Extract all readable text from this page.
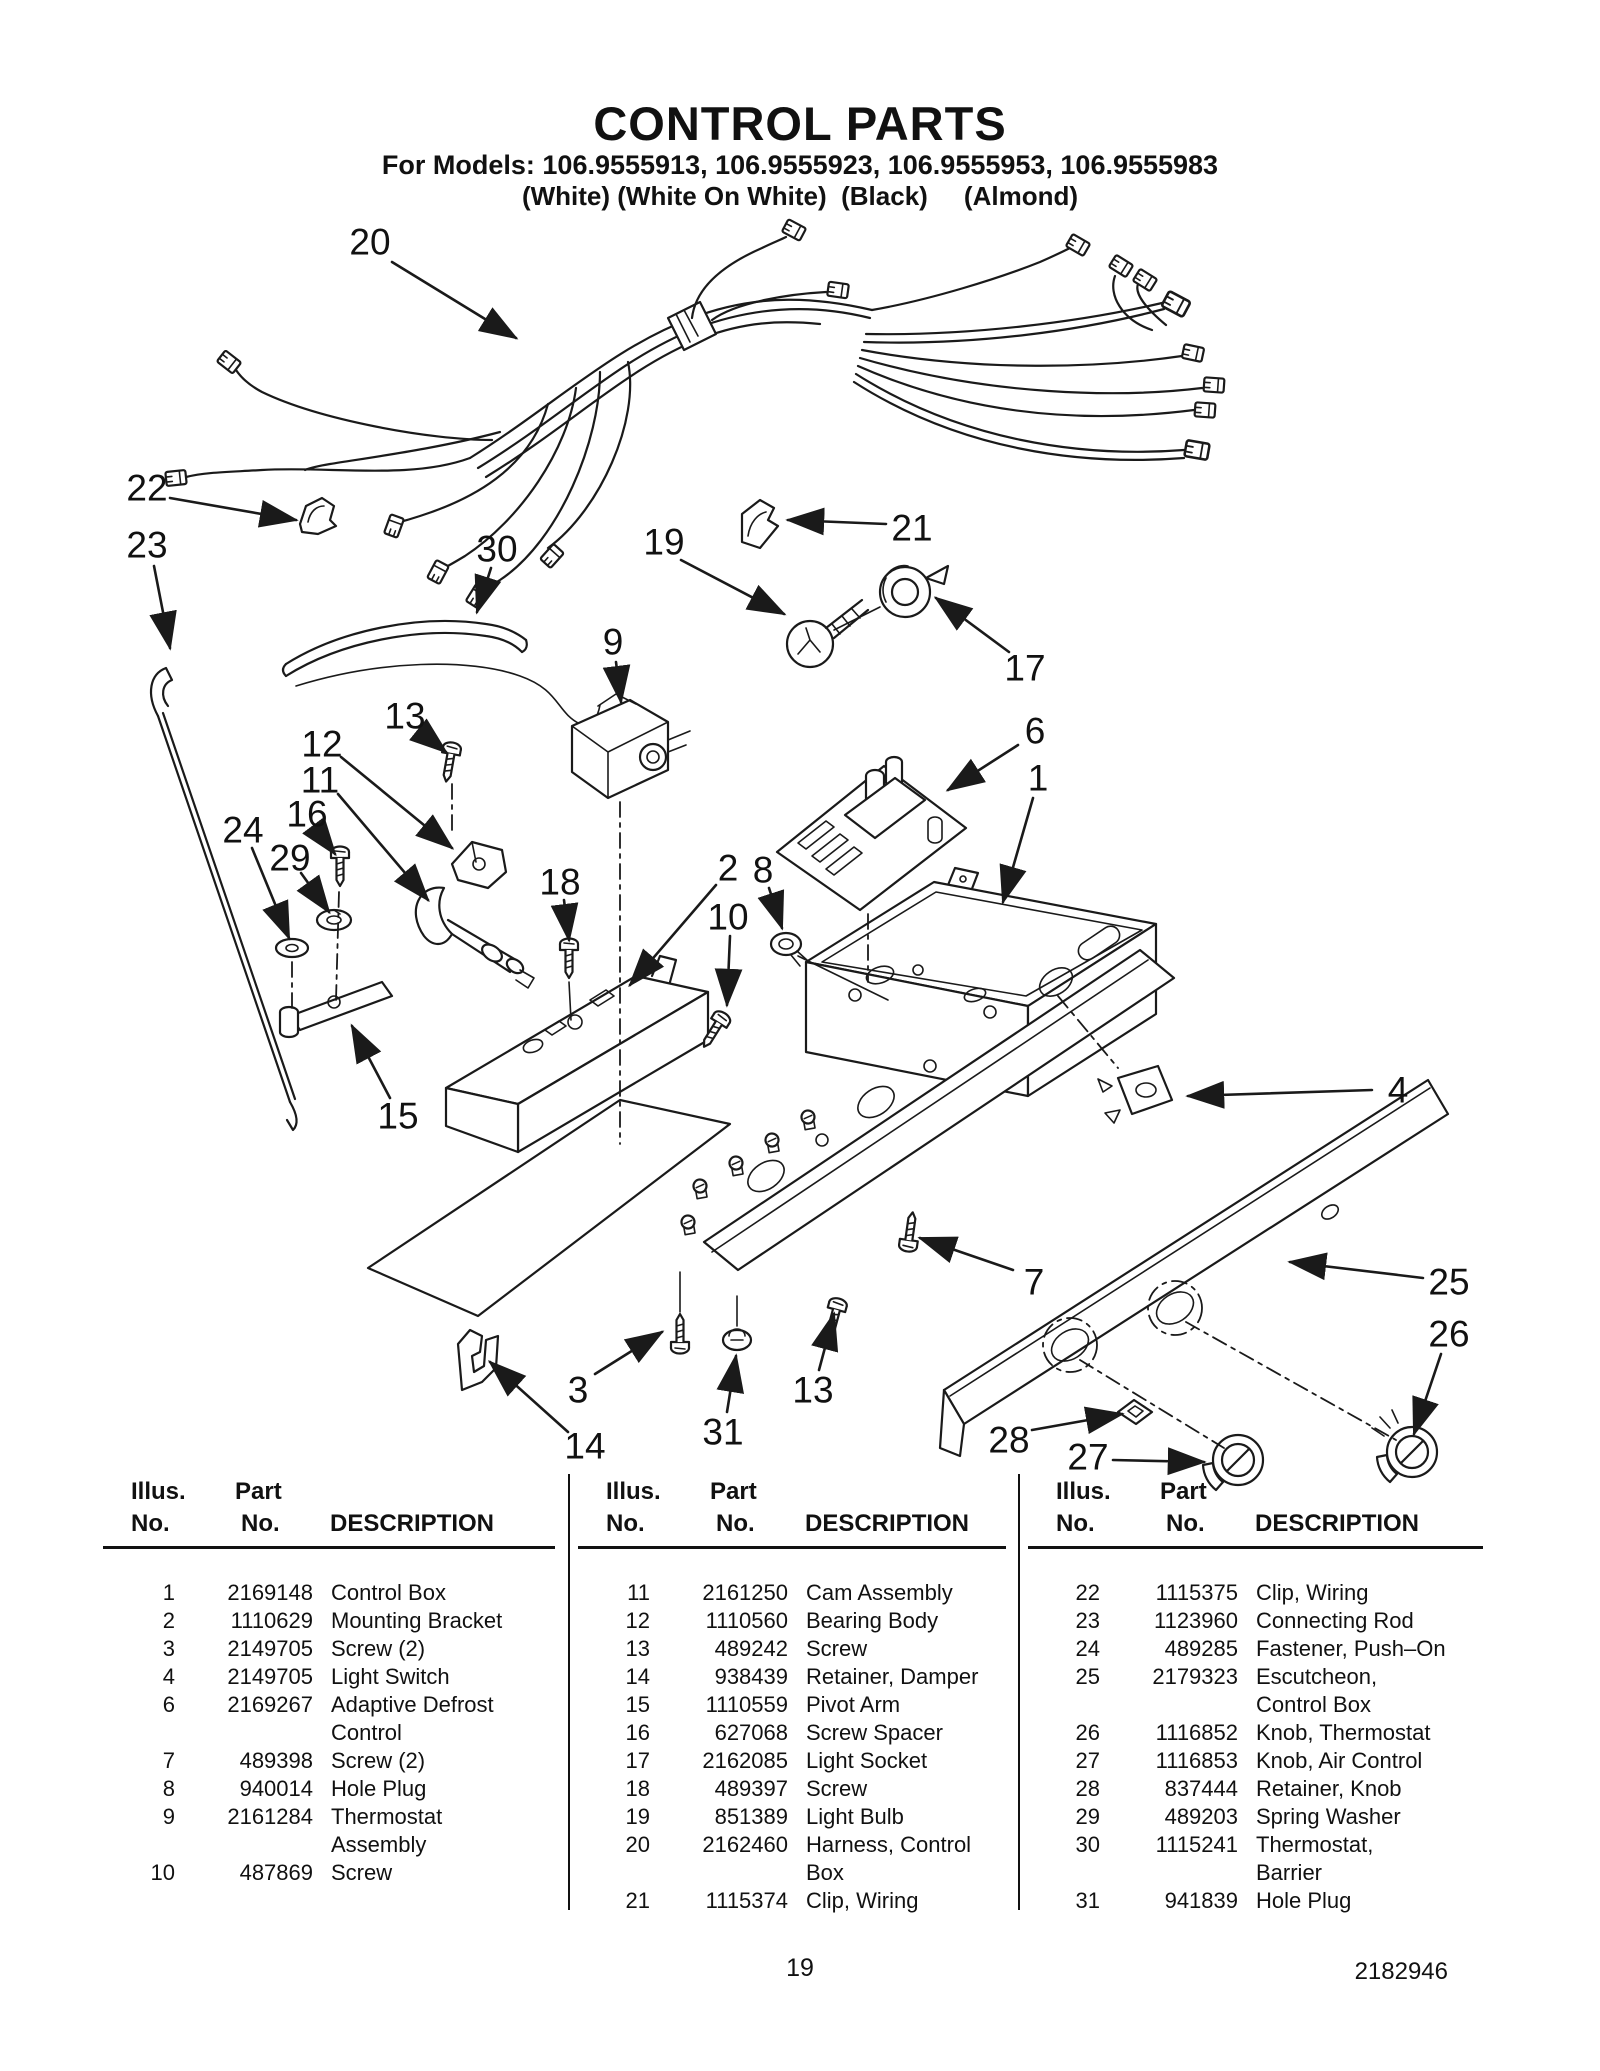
CONTROL PARTS
For Models: 106.9555913, 106.9555923, 106.9555953, 106.9555983
(White) (White On White)  (Black)     (Almond)
20
22
23	30	19	21
17
9
6
1
13
12
11
16
24
29
18	2
10
8
15
4
7	25
26
3
31
13
14	28 27
Illus. Part
No.	No. DESCRIPTION
1	2169148 Control Box
2	1110629 Mounting Bracket
3	2149705 Screw (2)
4	2149705 Light Switch
6	2169267 Adaptive Defrost
Control
7	489398 Screw (2)
8	940014 Hole Plug
9	2161284 Thermostat
Assembly
10	487869 Screw
Illus. Part
No.	No. DESCRIPTION
11	2161250 Cam Assembly
12	1110560 Bearing Body
13	489242 Screw
14	938439 Retainer, Damper
15	1110559 Pivot Arm
16	627068 Screw Spacer
17	2162085 Light Socket
18	489397 Screw
19	851389 Light Bulb
20	2162460 Harness, Control
Box
21	1115374 Clip, Wiring
Illus. Part
No.	No. DESCRIPTION
22	1115375 Clip, Wiring
23	1123960 Connecting Rod
24	489285 Fastener, Push–On
25	2179323 Escutcheon,
Control Box
26	1116852 Knob, Thermostat
27	1116853 Knob, Air Control
28	837444 Retainer, Knob
29	489203 Spring Washer
30	1115241 Thermostat,
Barrier
31	941839 Hole Plug
19	2182946
